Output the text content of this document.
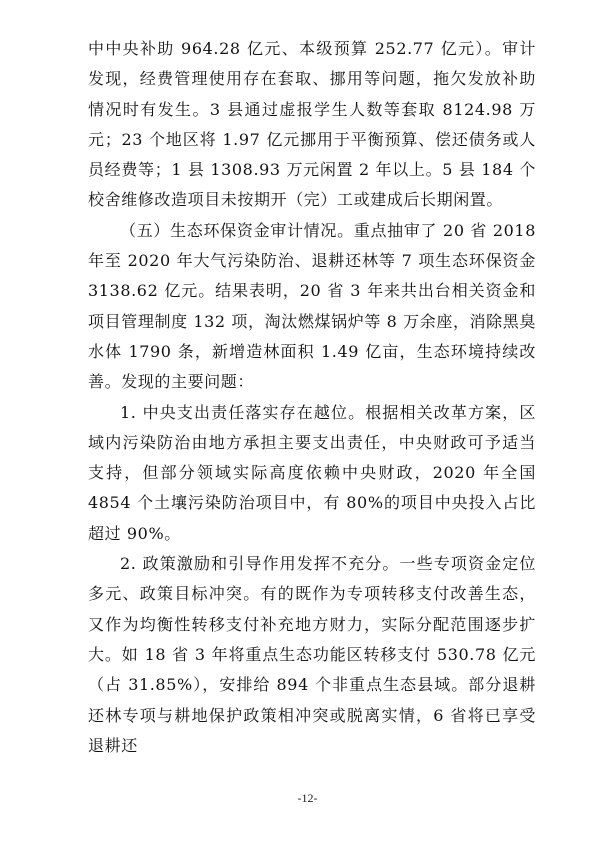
中中央补助 964.28 亿元、本级预算 252.77 亿元）。审计发现，经费管理使用存在套取、挪用等问题，拖欠发放补助情况时有发生。3 县通过虚报学生人数等套取 8124.98 万元；23 个地区将 1.97 亿元挪用于平衡预算、偿还债务或人员经费等；1 县 1308.93 万元闲置 2 年以上。5 县 184 个校舍维修改造项目未按期开（完）工或建成后长期闲置。

（五）生态环保资金审计情况。重点抽审了 20 省 2018 年至 2020 年大气污染防治、退耕还林等 7 项生态环保资金 3138.62 亿元。结果表明，20 省 3 年来共出台相关资金和项目管理制度 132 项，淘汰燃煤锅炉等 8 万余座，消除黑臭水体 1790 条，新增造林面积 1.49 亿亩，生态环境持续改善。发现的主要问题：

1. 中央支出责任落实存在越位。根据相关改革方案，区域内污染防治由地方承担主要支出责任，中央财政可予适当支持，但部分领域实际高度依赖中央财政，2020 年全国 4854 个土壤污染防治项目中，有 80%的项目中央投入占比超过 90%。

2. 政策激励和引导作用发挥不充分。一些专项资金定位多元、政策目标冲突。有的既作为专项转移支付改善生态，又作为均衡性转移支付补充地方财力，实际分配范围逐步扩大。如 18 省 3 年将重点生态功能区转移支付 530.78 亿元（占 31.85%），安排给 894 个非重点生态县域。部分退耕还林专项与耕地保护政策相冲突或脱离实情，6 省将已享受退耕还

-12-
